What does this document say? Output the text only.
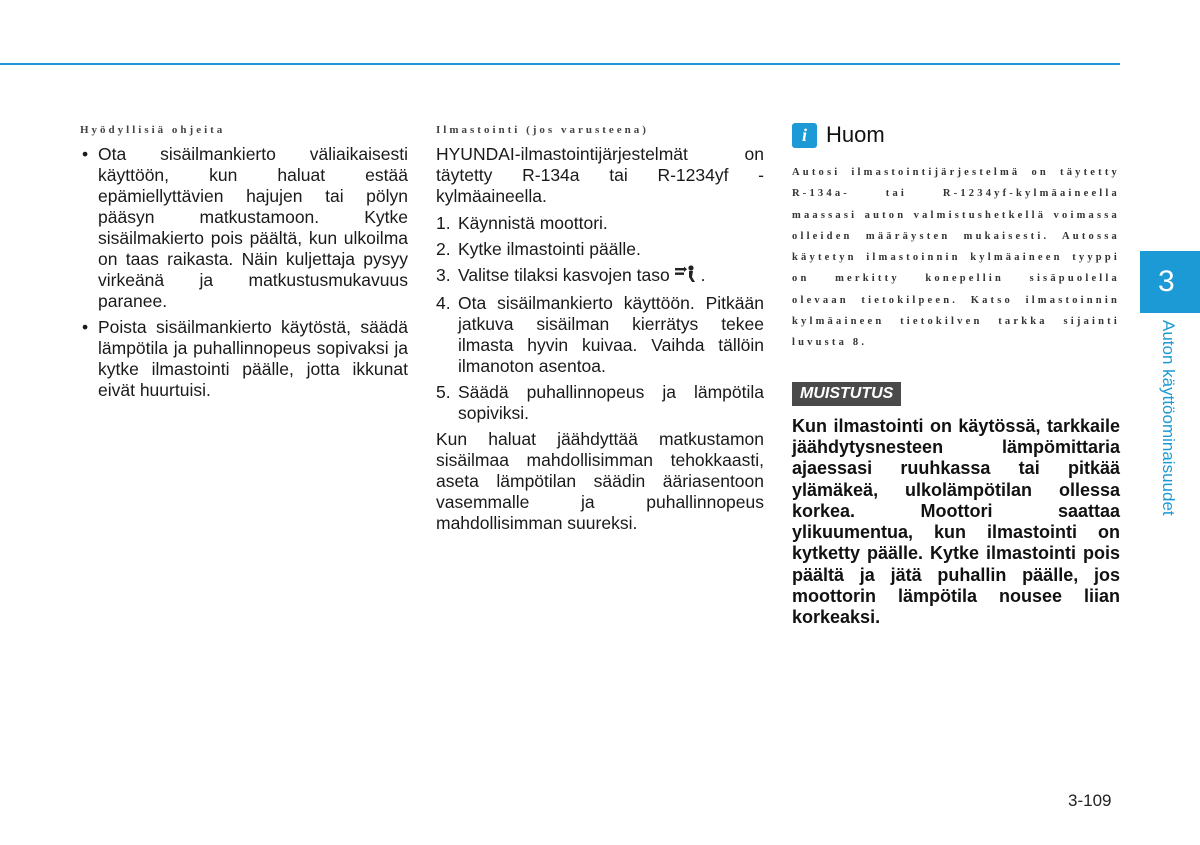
Hyödyllisiä ohjeita
• Ota sisäilmankierto väliaikaisesti käyttöön, kun haluat estää epämiellyttävien hajujen tai pölyn pääsyn matkustamoon. Kytke sisäilmakierto pois päältä, kun ulkoilma on taas raikasta. Näin kuljettaja pysyy virkeänä ja matkustusmukavuus paranee.
• Poista sisäilmankierto käytöstä, säädä lämpötila ja puhallinnopeus sopivaksi ja kytke ilmastointi päälle, jotta ikkunat eivät huurtuisi.
Ilmastointi (jos varusteena)

HYUNDAI-ilmastointijärjestelmät on täytetty R-134a tai R-1234yf -kylmäaineella.

1. Käynnistä moottori.
2. Kytke ilmastointi päälle.
3. Valitse tilaksi kasvojen taso .
4. Ota sisäilmankierto käyttöön. Pitkään jatkuva sisäilman kierrätys tekee ilmasta hyvin kuivaa. Vaihda tällöin ilmanoton asentoa.
5. Säädä puhallinnopeus ja lämpötila sopiviksi.

Kun haluat jäähdyttää matkustamon sisäilmaa mahdollisimman tehokkaasti, aseta lämpötilan säädin ääriasentoon vasemmalle ja puhallinnopeus mahdollisimman suureksi.

i Huom

Autosi ilmastointijärjestelmä on täytetty R-134a- tai R-1234yf-kylmäaineella maassasi auton valmistushetkellä voimassa olleiden määräysten mukaisesti. Autossa käytetyn ilmastoinnin kylmäaineen tyyppi on merkitty konepellin sisäpuolella olevaan tietokilpeen. Katso ilmastoinnin kylmäaineen tietokilven tarkka sijainti luvusta 8.

MUISTUTUS

Kun ilmastointi on käytössä, tarkkaile jäähdytysnesteen lämpömittaria ajaessasi ruuhkassa tai pitkää ylämäkeä, ulkolämpötilan ollessa korkea. Moottori saattaa ylikuumentua, kun ilmastointi on kytketty päälle. Kytke ilmastointi pois päältä ja jätä puhallin päälle, jos moottorin lämpötila nousee liian korkeaksi.

3
Auton käyttöominaisuudet
3-109
